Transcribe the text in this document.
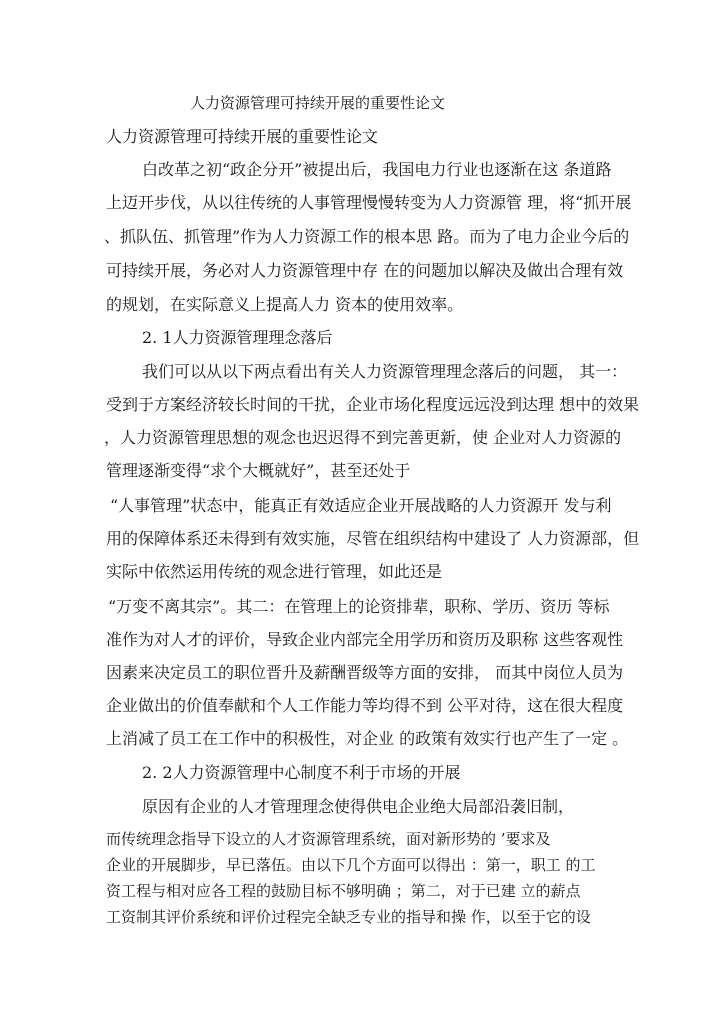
人力资源管理可持续开展的重要性论文
人力资源管理可持续开展的重要性论文
白改革之初“政企分开”被提出后，我国电力行业也逐渐在这 条道路
上迈开步伐，从以往传统的人事管理慢慢转变为人力资源管 理，将“抓开展
、抓队伍、抓管理”作为人力资源工作的根本思 路。而为了电力企业今后的
可持续开展，务必对人力资源管理中存 在的问题加以解决及做出合理有效
的规划，在实际意义上提高人力 资本的使用效率。
2. 1人力资源管理理念落后
我们可以从以下两点看出有关人力资源管理理念落后的问题， 其一：
受到于方案经济较长时间的干扰，企业市场化程度远远没到达理 想中的效果
，人力资源管理思想的观念也迟迟得不到完善更新，使 企业对人力资源的
管理逐渐变得“求个大概就好”，甚至还处于
“人事管理”状态中，能真正有效适应企业开展战略的人力资源开 发与利
用的保障体系还未得到有效实施，尽管在组织结构中建设了 人力资源部，但
实际中依然运用传统的观念进行管理，如此还是
“万变不离其宗”。其二：在管理上的论资排辈，职称、学历、资历 等标
准作为对人才的评价，导致企业内部完全用学历和资历及职称 这些客观性
因素来决定员工的职位晋升及薪酬晋级等方面的安排， 而其中岗位人员为
企业做出的价值奉献和个人工作能力等均得不到 公平对待，这在很大程度
上消减了员工在工作中的积极性，对企业 的政策有效实行也产生了一定 。
2. 2人力资源管理中心制度不利于市场的开展
原因有企业的人才管理理念使得供电企业绝大局部沿袭旧制，
而传统理念指导下设立的人才资源管理系统，面对新形势的 ’要求及
企业的开展脚步，早已落伍。由以下几个方面可以得出 ：第一，职工 的工
资工程与相对应各工程的鼓励目标不够明确 ；第二，对于已建 立的薪点
工资制其评价系统和评价过程完全缺乏专业的指导和操 作，以至于它的设
